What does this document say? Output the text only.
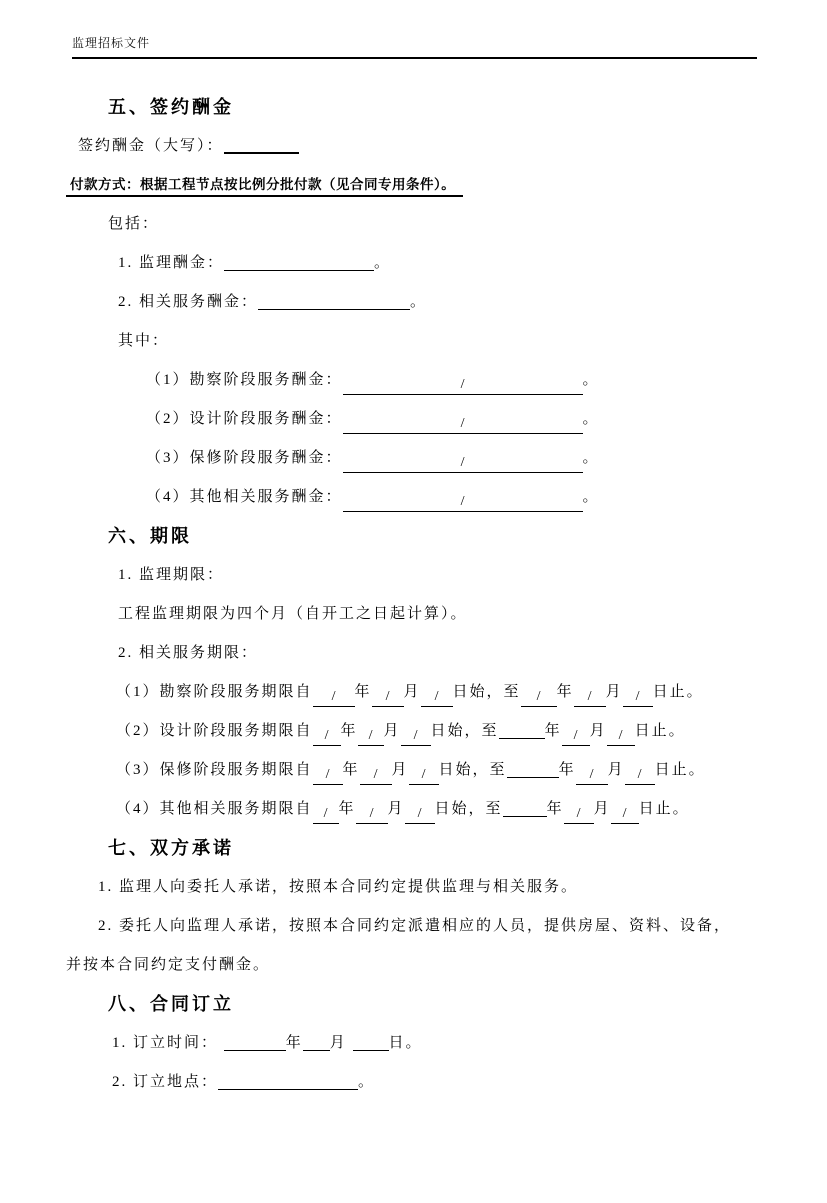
监理招标文件
五、签约酬金
签约酬金（大写）：
付款方式：根据工程节点按比例分批付款（见合同专用条件）。
包括：
1. 监理酬金：	。
2. 相关服务酬金：	。
其中：
（1）勘察阶段服务酬金：	/	。
（2）设计阶段服务酬金：	/	。
（3）保修阶段服务酬金：	/	。
（4）其他相关服务酬金：	/	。
六、期限
1. 监理期限：
工程监理期限为四个月（自开工之日起计算）。
2. 相关服务期限：
（1）勘察阶段服务期限自 / 年 / 月 / 日始，至 / 年 / 月 / 日止。
（2）设计阶段服务期限自 / 年 / 月 / 日始，至	年 / 月 / 日止。
（3）保修阶段服务期限自 / 年 / 月 / 日始，至	年 / 月 / 日止。
（4）其他相关服务期限自 / 年 / 月 / 日始，至	年 / 月 / 日止。
七、双方承诺
1. 监理人向委托人承诺，按照本合同约定提供监理与相关服务。
2. 委托人向监理人承诺，按照本合同约定派遣相应的人员，提供房屋、资料、设备，
并按本合同约定支付酬金。
八、合同订立
1. 订立时间：	年 月 日。
2. 订立地点：	。
